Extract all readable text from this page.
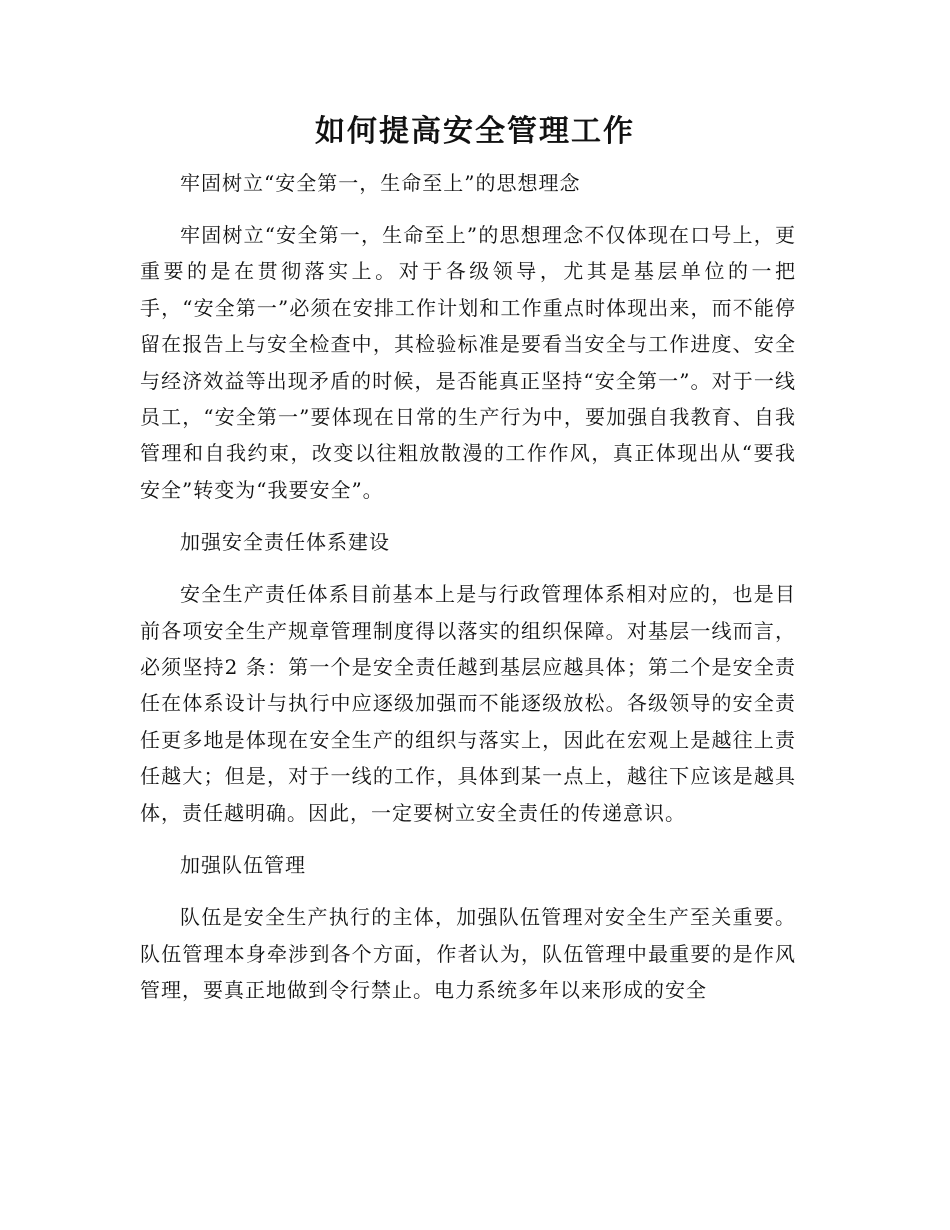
如何提高安全管理工作

牢固树立“安全第一，生命至上”的思想理念

牢固树立“安全第一，生命至上”的思想理念不仅体现在口号上，更重要的是在贯彻落实上。对于各级领导，尤其是基层单位的一把手，“安全第一”必须在安排工作计划和工作重点时体现出来，而不能停留在报告上与安全检查中，其检验标准是要看当安全与工作进度、安全与经济效益等出现矛盾的时候，是否能真正坚持“安全第一”。对于一线员工，“安全第一”要体现在日常的生产行为中，要加强自我教育、自我管理和自我约束，改变以往粗放散漫的工作作风，真正体现出从“要我安全”转变为“我要安全”。

加强安全责任体系建设

安全生产责任体系目前基本上是与行政管理体系相对应的，也是目前各项安全生产规章管理制度得以落实的组织保障。对基层一线而言，必须坚持2 条：第一个是安全责任越到基层应越具体；第二个是安全责任在体系设计与执行中应逐级加强而不能逐级放松。各级领导的安全责任更多地是体现在安全生产的组织与落实上，因此在宏观上是越往上责任越大；但是，对于一线的工作，具体到某一点上，越往下应该是越具体，责任越明确。因此，一定要树立安全责任的传递意识。

加强队伍管理

队伍是安全生产执行的主体，加强队伍管理对安全生产至关重要。队伍管理本身牵涉到各个方面，作者认为，队伍管理中最重要的是作风管理，要真正地做到令行禁止。电力系统多年以来形成的安全
